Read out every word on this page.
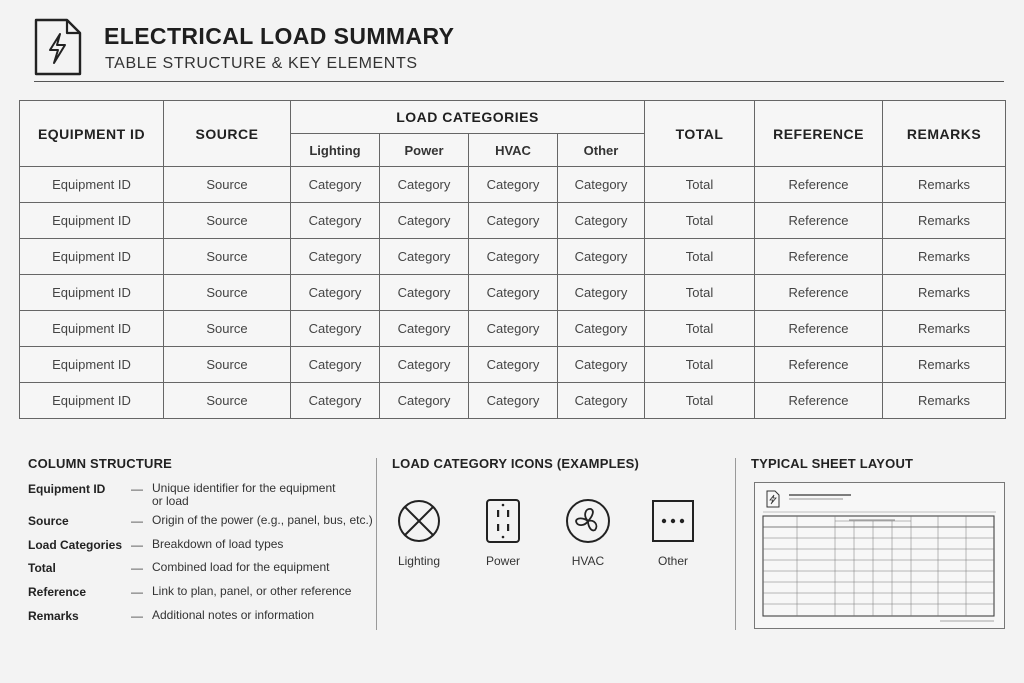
ELECTRICAL LOAD SUMMARY
TABLE STRUCTURE & KEY ELEMENTS
EQUIPMENT ID	SOURCE	LOAD CATEGORIES				TOTAL	REFERENCE	REMARKS
		Lighting	Power	HVAC	Other			
Equipment ID	Source	Category	Category	Category	Category	Total	Reference	Remarks
Equipment ID	Source	Category	Category	Category	Category	Total	Reference	Remarks
Equipment ID	Source	Category	Category	Category	Category	Total	Reference	Remarks
Equipment ID	Source	Category	Category	Category	Category	Total	Reference	Remarks
Equipment ID	Source	Category	Category	Category	Category	Total	Reference	Remarks
Equipment ID	Source	Category	Category	Category	Category	Total	Reference	Remarks
Equipment ID	Source	Category	Category	Category	Category	Total	Reference	Remarks
COLUMN STRUCTURE
Equipment ID	— Unique identifier for the equipment or load
Source	— Origin of the power (e.g., panel, bus, etc.)
Load Categories — Breakdown of load types
Total	— Combined load for the equipment
Reference	— Link to plan, panel, or other reference
Remarks	— Additional notes or information
LOAD CATEGORY ICONS (EXAMPLES)
Lighting	Power	HVAC	Other
TYPICAL SHEET LAYOUT
